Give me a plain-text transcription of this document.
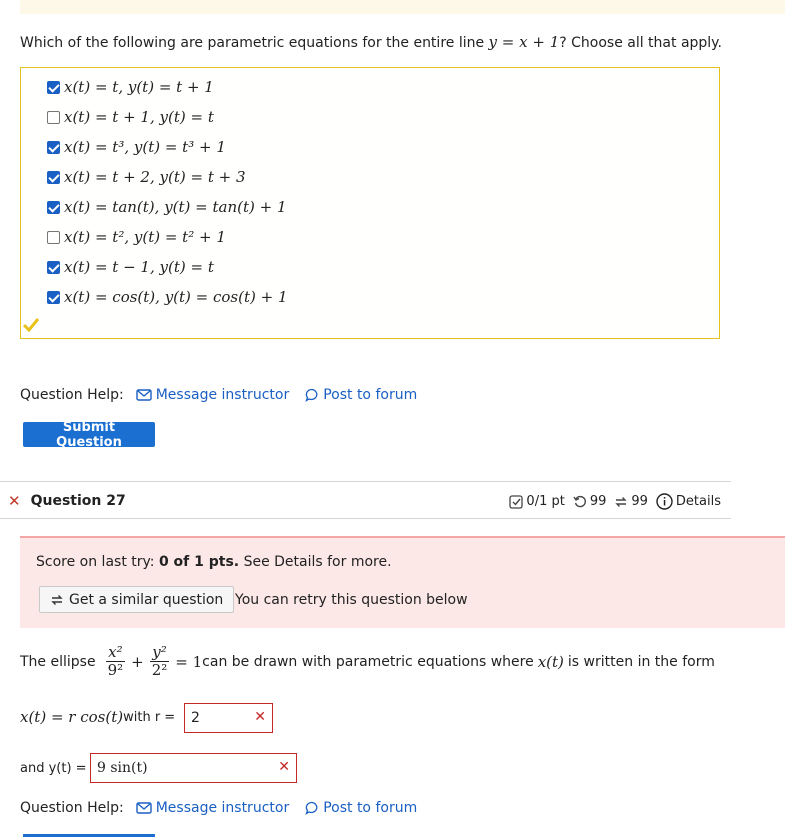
Which of the following are parametric equations for the entire line y = x + 1? Choose all that apply.
x(t) = t, y(t) = t + 1
x(t) = t + 1, y(t) = t
x(t) = t³, y(t) = t³ + 1
x(t) = t + 2, y(t) = t + 3
x(t) = tan(t), y(t) = tan(t) + 1
x(t) = t², y(t) = t² + 1
x(t) = t − 1, y(t) = t
x(t) = cos(t), y(t) = cos(t) + 1
Question Help: Message instructor Post to forum
Submit Question
✕ Question 27	0/1 pt 99 99 Details
Score on last try: 0 of 1 pts. See Details for more.
Get a similar question You can retry this question below
The ellipse $\frac{\text{x²}}{\text{9²}} + \frac{\text{y²}}{\text{2²}} = 1$ can be drawn with parametric equations where x(t) is written in the form
x(t) = r cos(t) with r = 2	✕
and y(t) = 9 sin(t)	✕
Question Help: Message instructor Post to forum
